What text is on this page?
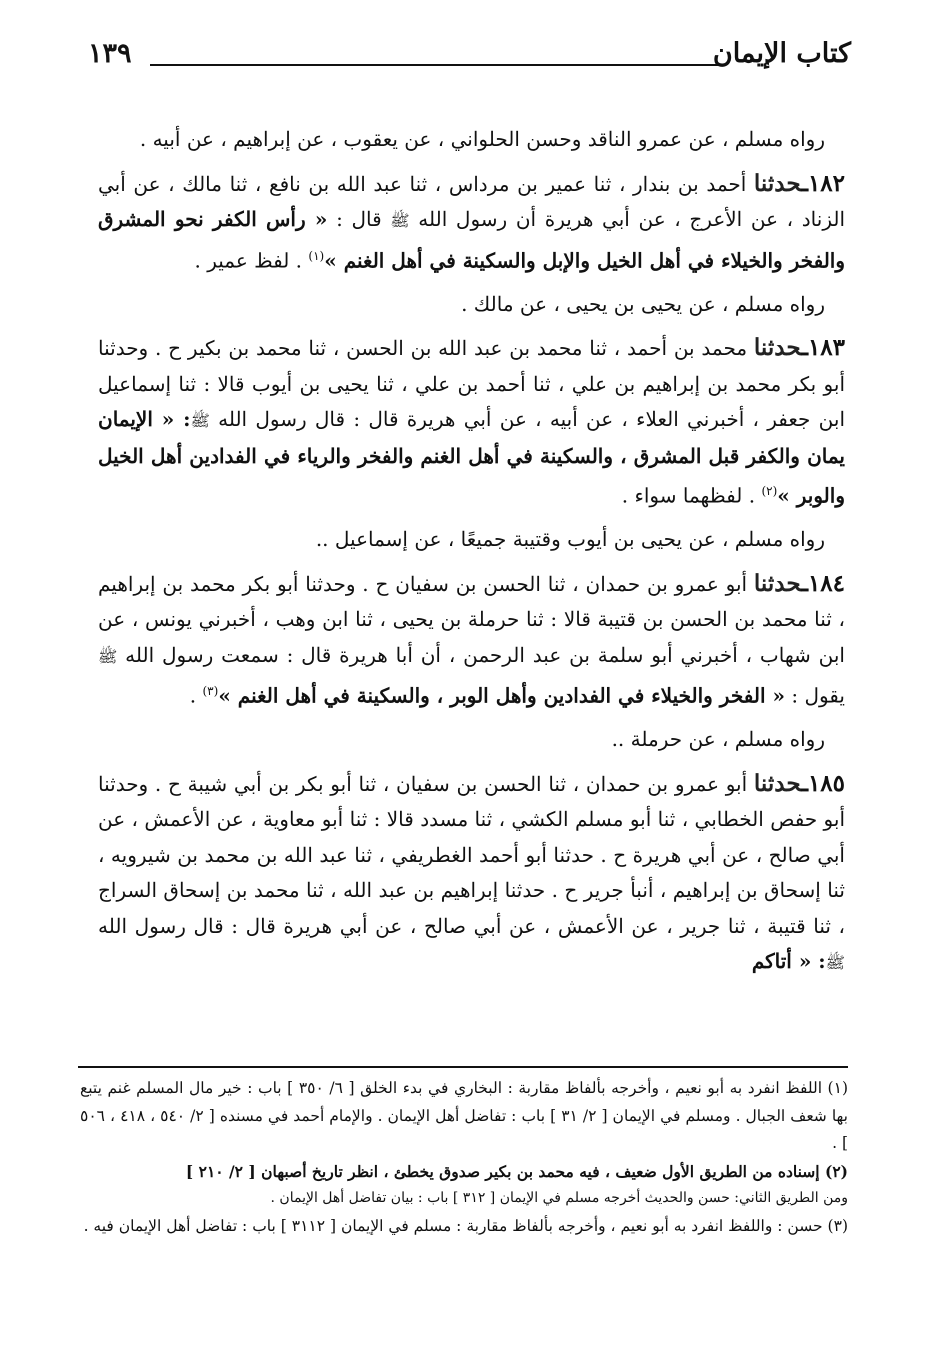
كتاب الإيمان
١٣٩

رواه مسلم ، عن عمرو الناقد وحسن الحلواني ، عن يعقوب ، عن إبراهيم ، عن أبيه .

١٨٢ـحدثنا أحمد بن بندار ، ثنا عمير بن مرداس ، ثنا عبد الله بن نافع ، ثنا مالك ، عن أبي الزناد ، عن الأعرج ، عن أبي هريرة أن رسول الله ﷺ قال : « رأس الكفر نحو المشرق والفخر والخيلاء في أهل الخيل والإبل والسكينة في أهل الغنم »$^{(١)}$ . لفظ عمير .

رواه مسلم ، عن يحيى بن يحيى ، عن مالك .

١٨٣ـحدثنا محمد بن أحمد ، ثنا محمد بن عبد الله بن الحسن ، ثنا محمد بن بكير ح . وحدثنا أبو بكر محمد بن إبراهيم بن علي ، ثنا أحمد بن علي ، ثنا يحيى بن أيوب قالا : ثنا إسماعيل ابن جعفر ، أخبرني العلاء ، عن أبيه ، عن أبي هريرة قال : قال رسول الله ﷺ: « الإيمان يمان والكفر قبل المشرق ، والسكينة في أهل الغنم والفخر والرياء في الفدادين أهل الخيل والوبر »$^{(٢)}$ . لفظهما سواء .

رواه مسلم ، عن يحيى بن أيوب وقتيبة جميعًا ، عن إسماعيل ..

١٨٤ـحدثنا أبو عمرو بن حمدان ، ثنا الحسن بن سفيان ح . وحدثنا أبو بكر محمد بن إبراهيم ، ثنا محمد بن الحسن بن قتيبة قالا : ثنا حرملة بن يحيى ، ثنا ابن وهب ، أخبرني يونس ، عن ابن شهاب ، أخبرني أبو سلمة بن عبد الرحمن ، أن أبا هريرة قال : سمعت رسول الله ﷺ يقول : « الفخر والخيلاء في الفدادين وأهل الوبر ، والسكينة في أهل الغنم »$^{(٣)}$ .

رواه مسلم ، عن حرملة ..

١٨٥ـحدثنا أبو عمرو بن حمدان ، ثنا الحسن بن سفيان ، ثنا أبو بكر بن أبي شيبة ح . وحدثنا أبو حفص الخطابي ، ثنا أبو مسلم الكشي ، ثنا مسدد قالا : ثنا أبو معاوية ، عن الأعمش ، عن أبي صالح ، عن أبي هريرة ح . حدثنا أبو أحمد الغطريفي ، ثنا عبد الله بن محمد بن شيرويه ، ثنا إسحاق بن إبراهيم ، أنبأ جرير ح . حدثنا إبراهيم بن عبد الله ، ثنا محمد بن إسحاق السراج ، ثنا قتيبة ، ثنا جرير ، عن الأعمش ، عن أبي صالح ، عن أبي هريرة قال : قال رسول الله ﷺ: « أتاكم

(١) اللفظ انفرد به أبو نعيم ، وأخرجه بألفاظ مقاربة : البخاري في بدء الخلق [ ٦/ ٣٥٠ ] باب : خير مال المسلم غنم يتبع بها شعف الجبال . ومسلم في الإيمان [ ٢/ ٣١ ] باب : تفاضل أهل الإيمان . والإمام أحمد في مسنده [ ٢/ ٥٤٠ ، ٤١٨ ، ٥٠٦ ] .

(٢) إسناده من الطريق الأول ضعيف ، فيه محمد بن بكير صدوق يخطئ ، انظر تاريخ أصبهان [ ٢/ ٢١٠ ]

ومن الطريق الثاني: حسن والحديث أخرجه مسلم في الإيمان [ ٣١٢ ] باب : بيان تفاضل أهل الإيمان .

(٣) حسن : واللفظ انفرد به أبو نعيم ، وأخرجه بألفاظ مقاربة : مسلم في الإيمان [ ٣١١٢ ] باب : تفاضل أهل الإيمان فيه .
